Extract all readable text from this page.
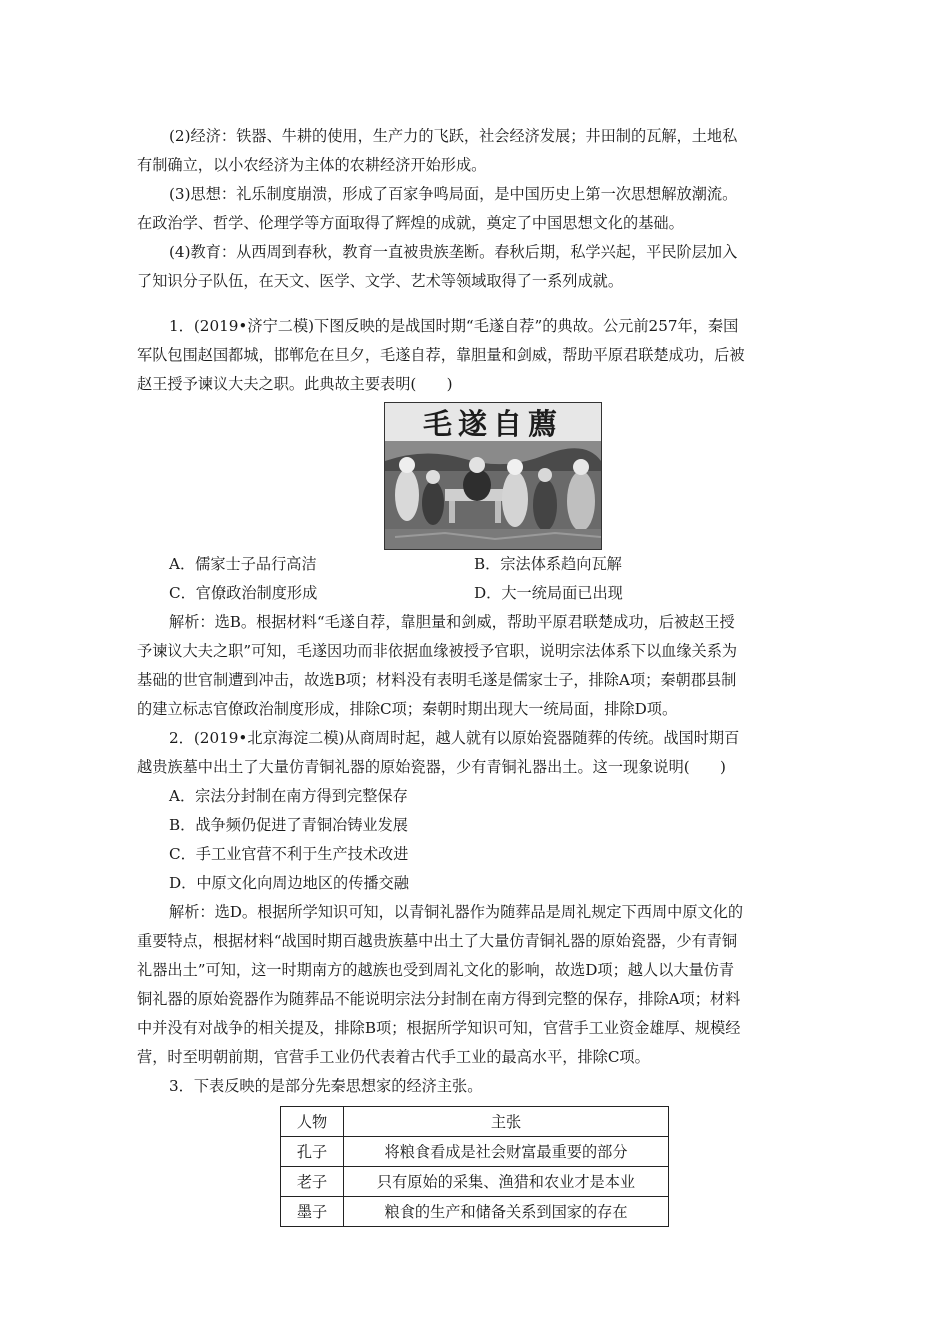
(2)经济：铁器、牛耕的使用，生产力的飞跃，社会经济发展；井田制的瓦解，土地私
有制确立，以小农经济为主体的农耕经济开始形成。
(3)思想：礼乐制度崩溃，形成了百家争鸣局面，是中国历史上第一次思想解放潮流。
在政治学、哲学、伦理学等方面取得了辉煌的成就，奠定了中国思想文化的基础。
(4)教育：从西周到春秋，教育一直被贵族垄断。春秋后期，私学兴起，平民阶层加入
了知识分子队伍，在天文、医学、文学、艺术等领域取得了一系列成就。
1．(2019•济宁二模)下图反映的是战国时期“毛遂自荐”的典故。公元前257年，秦国
军队包围赵国都城，邯郸危在旦夕，毛遂自荐，靠胆量和剑威，帮助平原君联楚成功，后被
赵王授予谏议大夫之职。此典故主要表明(　　)
毛遂自薦
A．儒家士子品行高洁	B．宗法体系趋向瓦解
C．官僚政治制度形成	D．大一统局面已出现
解析：选B。根据材料“毛遂自荐，靠胆量和剑威，帮助平原君联楚成功，后被赵王授
予谏议大夫之职”可知，毛遂因功而非依据血缘被授予官职，说明宗法体系下以血缘关系为
基础的世官制遭到冲击，故选B项；材料没有表明毛遂是儒家士子，排除A项；秦朝郡县制
的建立标志官僚政治制度形成，排除C项；秦朝时期出现大一统局面，排除D项。
2．(2019•北京海淀二模)从商周时起，越人就有以原始瓷器随葬的传统。战国时期百
越贵族墓中出土了大量仿青铜礼器的原始瓷器，少有青铜礼器出土。这一现象说明(　　)
A．宗法分封制在南方得到完整保存
B．战争频仍促进了青铜冶铸业发展
C．手工业官营不利于生产技术改进
D．中原文化向周边地区的传播交融
解析：选D。根据所学知识可知，以青铜礼器作为随葬品是周礼规定下西周中原文化的
重要特点，根据材料“战国时期百越贵族墓中出土了大量仿青铜礼器的原始瓷器，少有青铜
礼器出土”可知，这一时期南方的越族也受到周礼文化的影响，故选D项；越人以大量仿青
铜礼器的原始瓷器作为随葬品不能说明宗法分封制在南方得到完整的保存，排除A项；材料
中并没有对战争的相关提及，排除B项；根据所学知识可知，官营手工业资金雄厚、规模经
营，时至明朝前期，官营手工业仍代表着古代手工业的最高水平，排除C项。
3．下表反映的是部分先秦思想家的经济主张。
人物	主张
孔子	将粮食看成是社会财富最重要的部分
老子	只有原始的采集、渔猎和农业才是本业
墨子	粮食的生产和储备关系到国家的存在
